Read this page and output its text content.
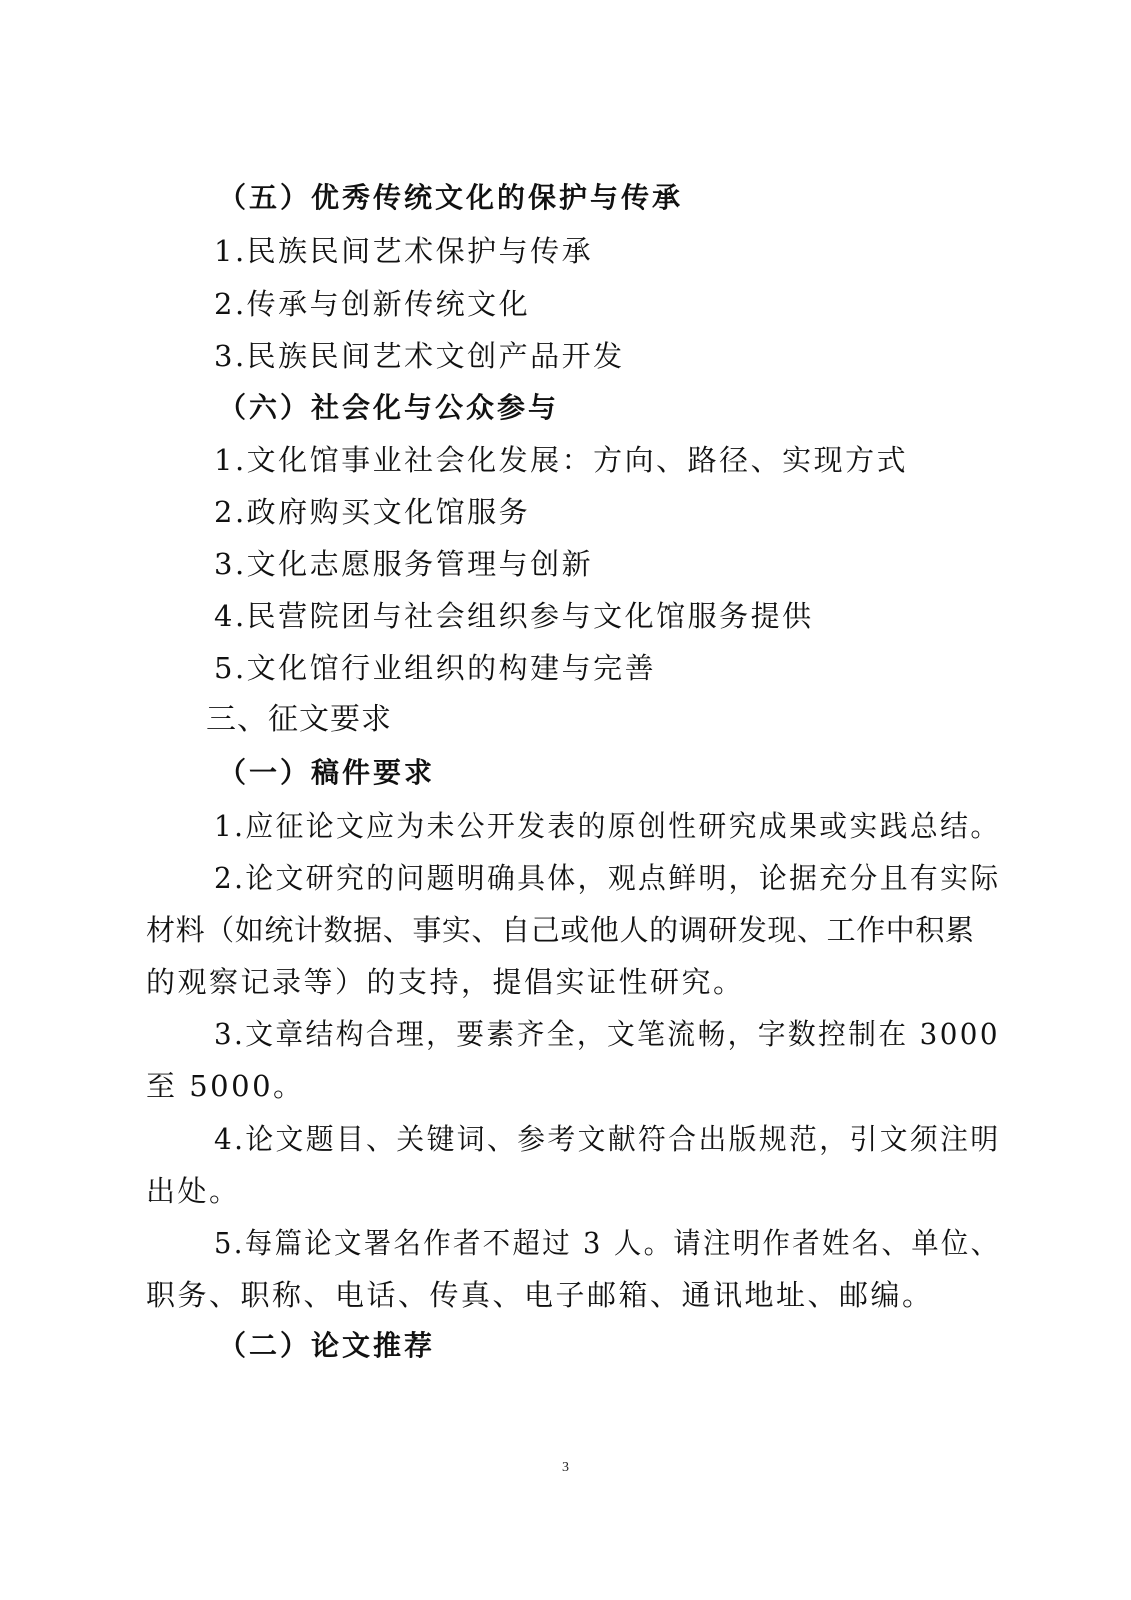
（五）优秀传统文化的保护与传承
1.民族民间艺术保护与传承
2.传承与创新传统文化
3.民族民间艺术文创产品开发
（六）社会化与公众参与
1.文化馆事业社会化发展：方向、路径、实现方式
2.政府购买文化馆服务
3.文化志愿服务管理与创新
4.民营院团与社会组织参与文化馆服务提供
5.文化馆行业组织的构建与完善
三、征文要求
（一）稿件要求
1.应征论文应为未公开发表的原创性研究成果或实践总结。
2.论文研究的问题明确具体，观点鲜明，论据充分且有实际
材料（如统计数据、事实、自己或他人的调研发现、工作中积累
的观察记录等）的支持，提倡实证性研究。
3.文章结构合理，要素齐全，文笔流畅，字数控制在 3000
至 5000。
4.论文题目、关键词、参考文献符合出版规范，引文须注明
出处。
5.每篇论文署名作者不超过 3 人。请注明作者姓名、单位、
职务、职称、电话、传真、电子邮箱、通讯地址、邮编。
（二）论文推荐
3
